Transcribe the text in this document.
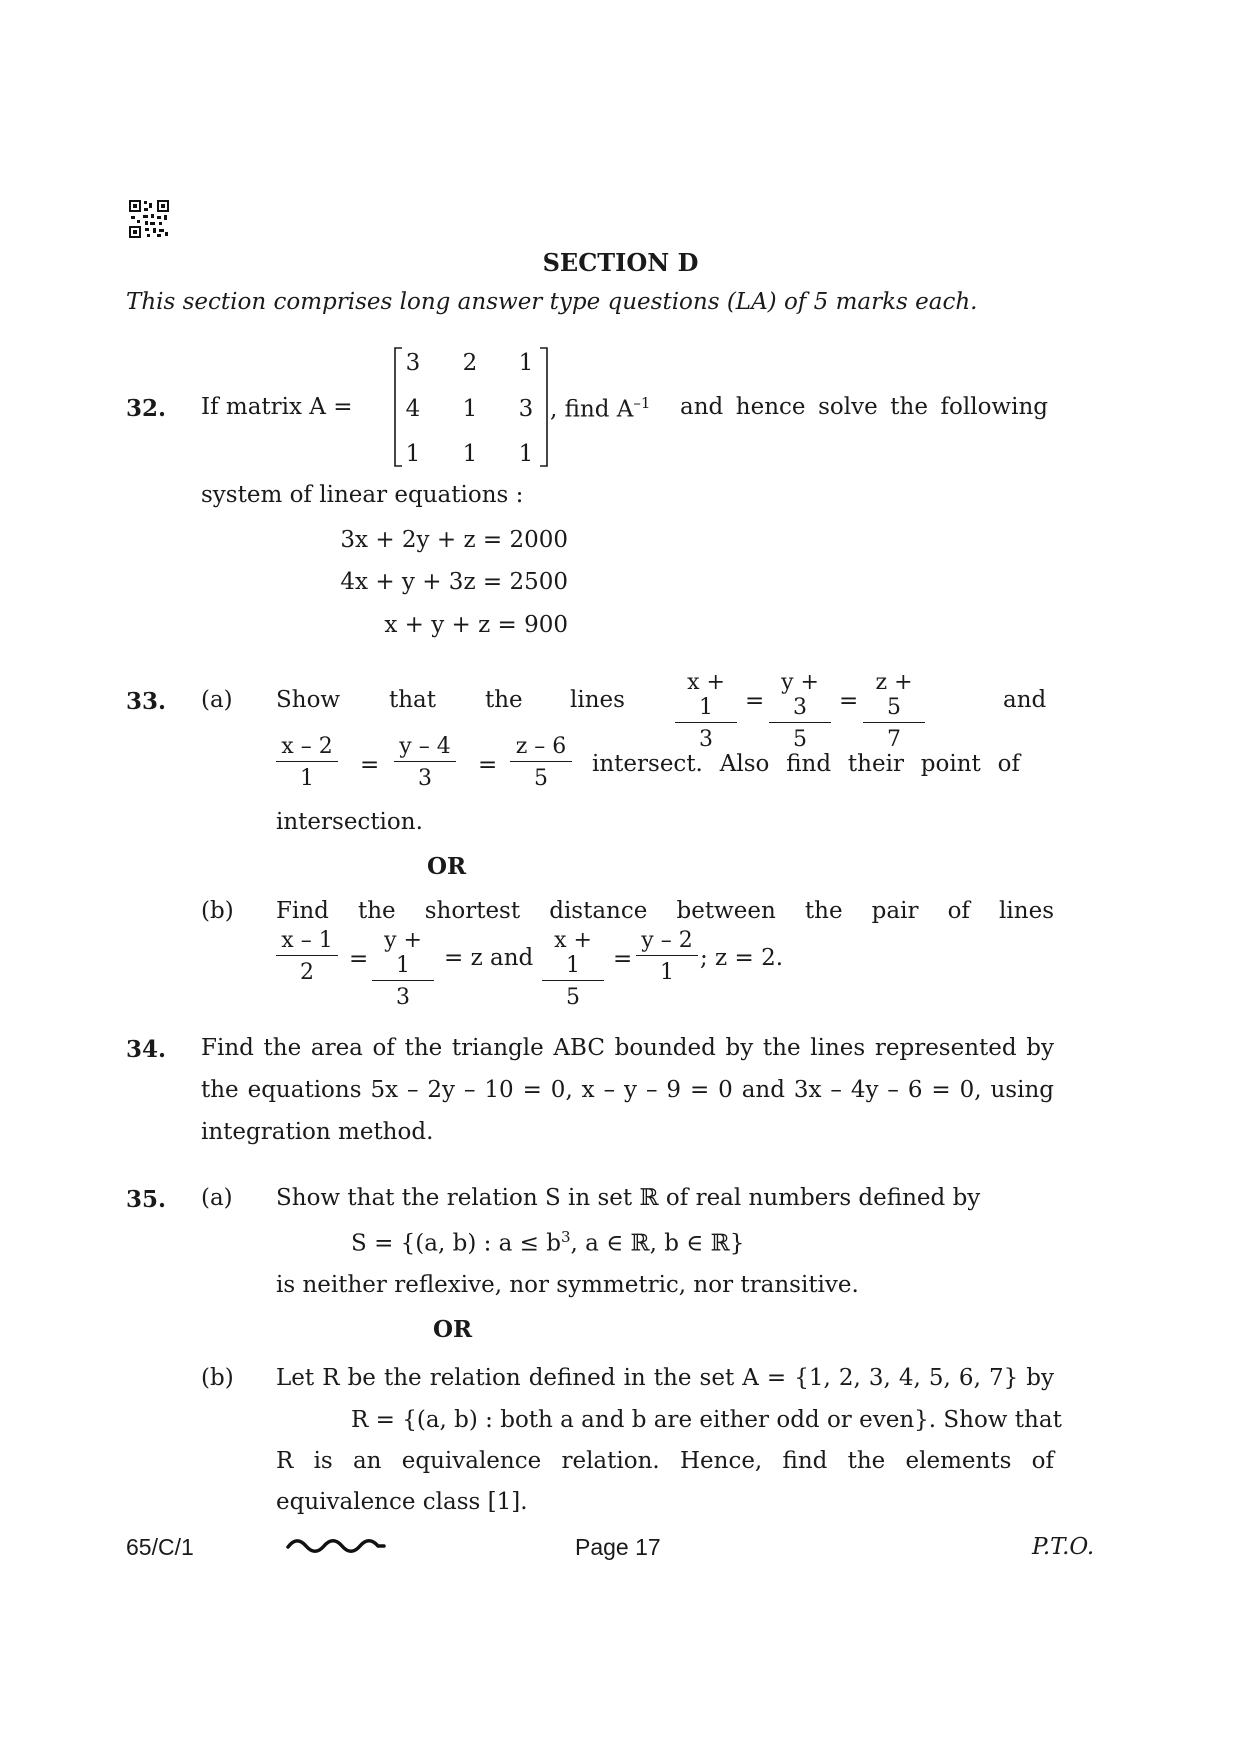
SECTION D
This section comprises long answer type questions (LA) of 5 marks each.
32. If matrix A =
3 2 1
4 1 3
1 1 1
, find $A^{-1}$ and hence solve the following
system of linear equations :
3x + 2y + z = 2000
4x + y + 3z = 2500
x + y + z = 900
33. (a) Show that the lines $\frac{x + 1}{3} = \frac{y + 3}{5} = \frac{z + 5}{7}$	and
$\frac{x - 2}{1} = \frac{y - 4}{3} = \frac{z - 6}{5}$ intersect. Also find their point of
intersection.
OR
(b) Find the shortest distance between the pair of lines
$\frac{x - 1}{2} = \frac{y + 1}{3} = z$ and $\frac{x + 1}{5} = \frac{y - 2}{1}$ ; z = 2.
34. Find the area of the triangle ABC bounded by the lines represented by
the equations 5x – 2y – 10 = 0, x – y – 9 = 0 and 3x – 4y – 6 = 0, using
integration method.
35. (a) Show that the relation S in set ℝ of real numbers defined by
S = {(a, b) : $a \le b^3$, a ∈ ℝ, b ∈ ℝ}
is neither reflexive, nor symmetric, nor transitive.
OR
(b) Let R be the relation defined in the set A = {1, 2, 3, 4, 5, 6, 7} by
R = {(a, b) : both a and b are either odd or even}. Show that
R is an equivalence relation. Hence, find the elements of
equivalence class [1].
65/C/1	Page 17	P.T.O.
